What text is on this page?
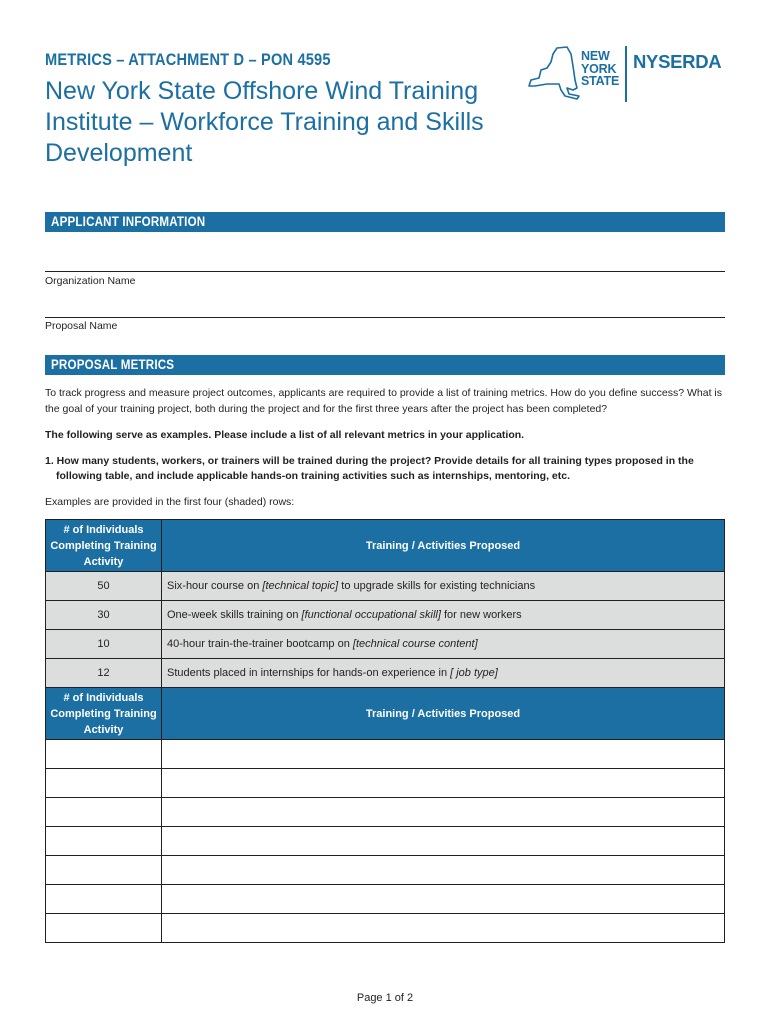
METRICS – ATTACHMENT D – PON 4595
New York State Offshore Wind Training Institute – Workforce Training and Skills Development
NEW
YORK
STATE
NYSERDA
APPLICANT INFORMATION
Organization Name
Proposal Name
PROPOSAL METRICS
To track progress and measure project outcomes, applicants are required to provide a list of training metrics. How do you define success? What is the goal of your training project, both during the project and for the first three years after the project has been completed?
The following serve as examples. Please include a list of all relevant metrics in your application.
1. How many students, workers, or trainers will be trained during the project? Provide details for all training types proposed in the
following table, and include applicable hands-on training activities such as internships, mentoring, etc.
Examples are provided in the first four (shaded) rows:
# of Individuals Completing Training Activity	Training / Activities Proposed
50	Six-hour course on [technical topic] to upgrade skills for existing technicians
30	One-week skills training on [functional occupational skill] for new workers
10	40-hour train-the-trainer bootcamp on [technical course content]
12	Students placed in internships for hands-on experience in [ job type]
# of Individuals Completing Training Activity	Training / Activities Proposed

Page 1 of 2
